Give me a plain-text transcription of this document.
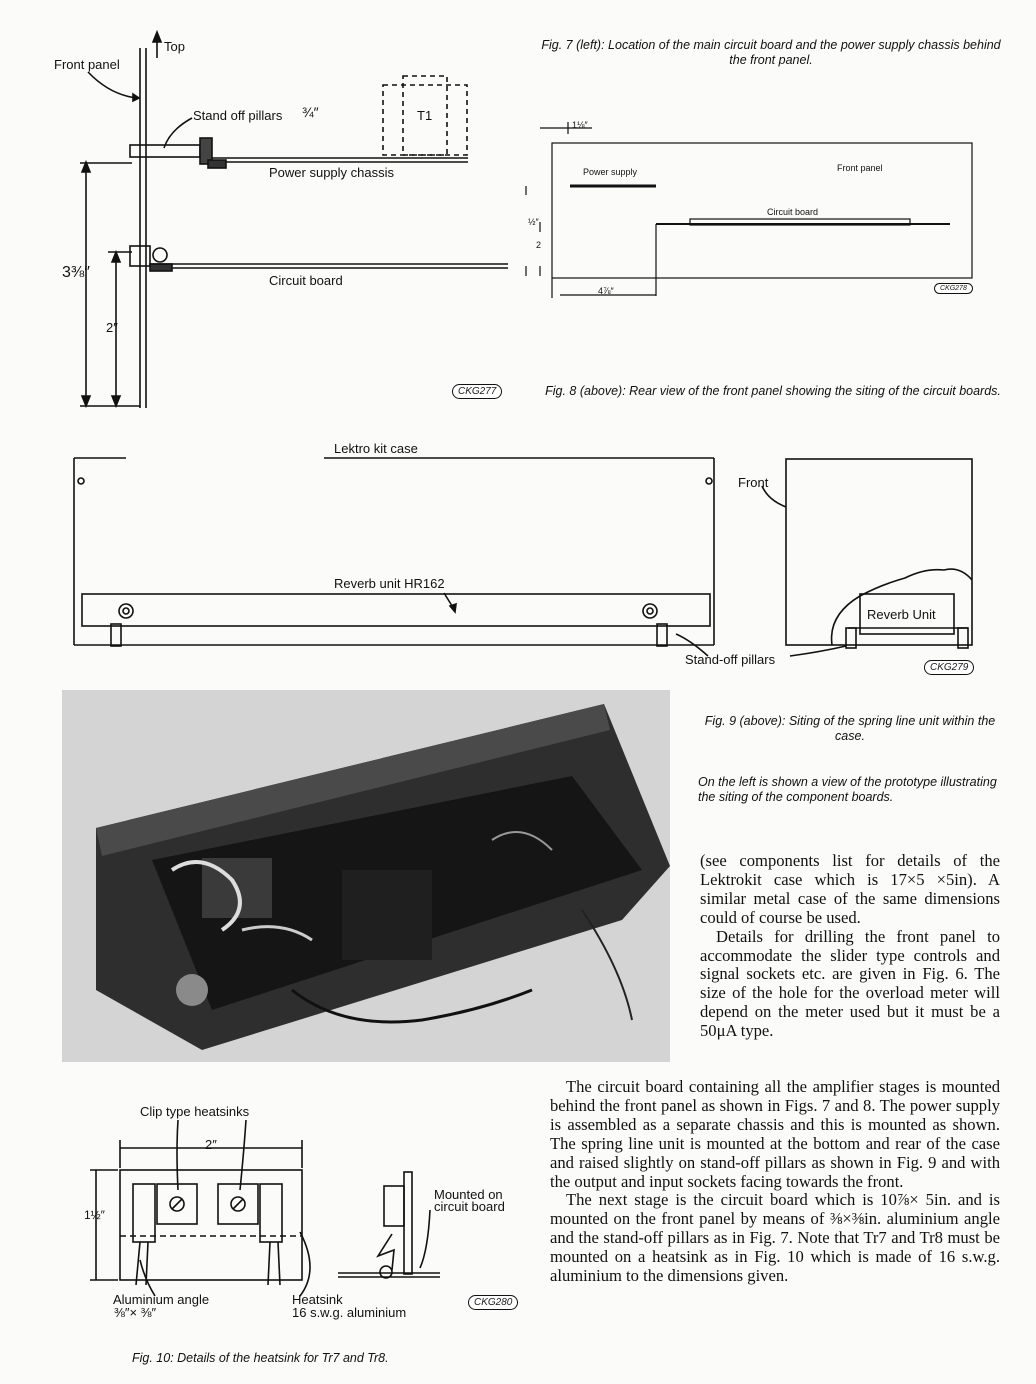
Top
Front panel
Stand off pillars ¾″	T1
Power supply chassis
Circuit board
3⅜″
2″
CKG277
Fig. 7 (left): Location of the main circuit board and the power supply chassis behind the front panel.
1⅛″
Power supply	Front panel
Circuit board
½″
2
4⅞″	CKG278
Fig. 8 (above): Rear view of the front panel showing the siting of the circuit boards.
Lektro kit case
Reverb unit HR162
Front
Reverb Unit
Stand-off pillars
CKG279
Fig. 9 (above): Siting of the spring line unit within the case.
On the left is shown a view of the prototype illustrating the siting of the component boards.
Clip type heatsinks
2″
1½″
Mounted on circuit board
Aluminium angle
⅜″× ⅜″
Heatsink
16 s.w.g. aluminium
CKG280
Fig. 10: Details of the heatsink for Tr7 and Tr8.

(see components list for details of the Lektrokit case which is 17×5 ×5in). A similar metal case of the same dimensions could of course be used.

Details for drilling the front panel to accommodate the slider type controls and signal sockets etc. are given in Fig. 6. The size of the hole for the overload meter will depend on the meter used but it must be a 50μA type.

The circuit board containing all the amplifier stages is mounted behind the front panel as shown in Figs. 7 and 8. The power supply is assembled as a separate chassis and this is mounted as shown. The spring line unit is mounted at the bottom and rear of the case and raised slightly on stand-off pillars as shown in Fig. 9 and with the output and input sockets facing towards the front.

The next stage is the circuit board which is 10⅞× 5in. and is mounted on the front panel by means of ⅜×⅜in. aluminium angle and the stand-off pillars as in Fig. 7. Note that Tr7 and Tr8 must be mounted on a heatsink as in Fig. 10 which is made of 16 s.w.g. aluminium to the dimensions given.
